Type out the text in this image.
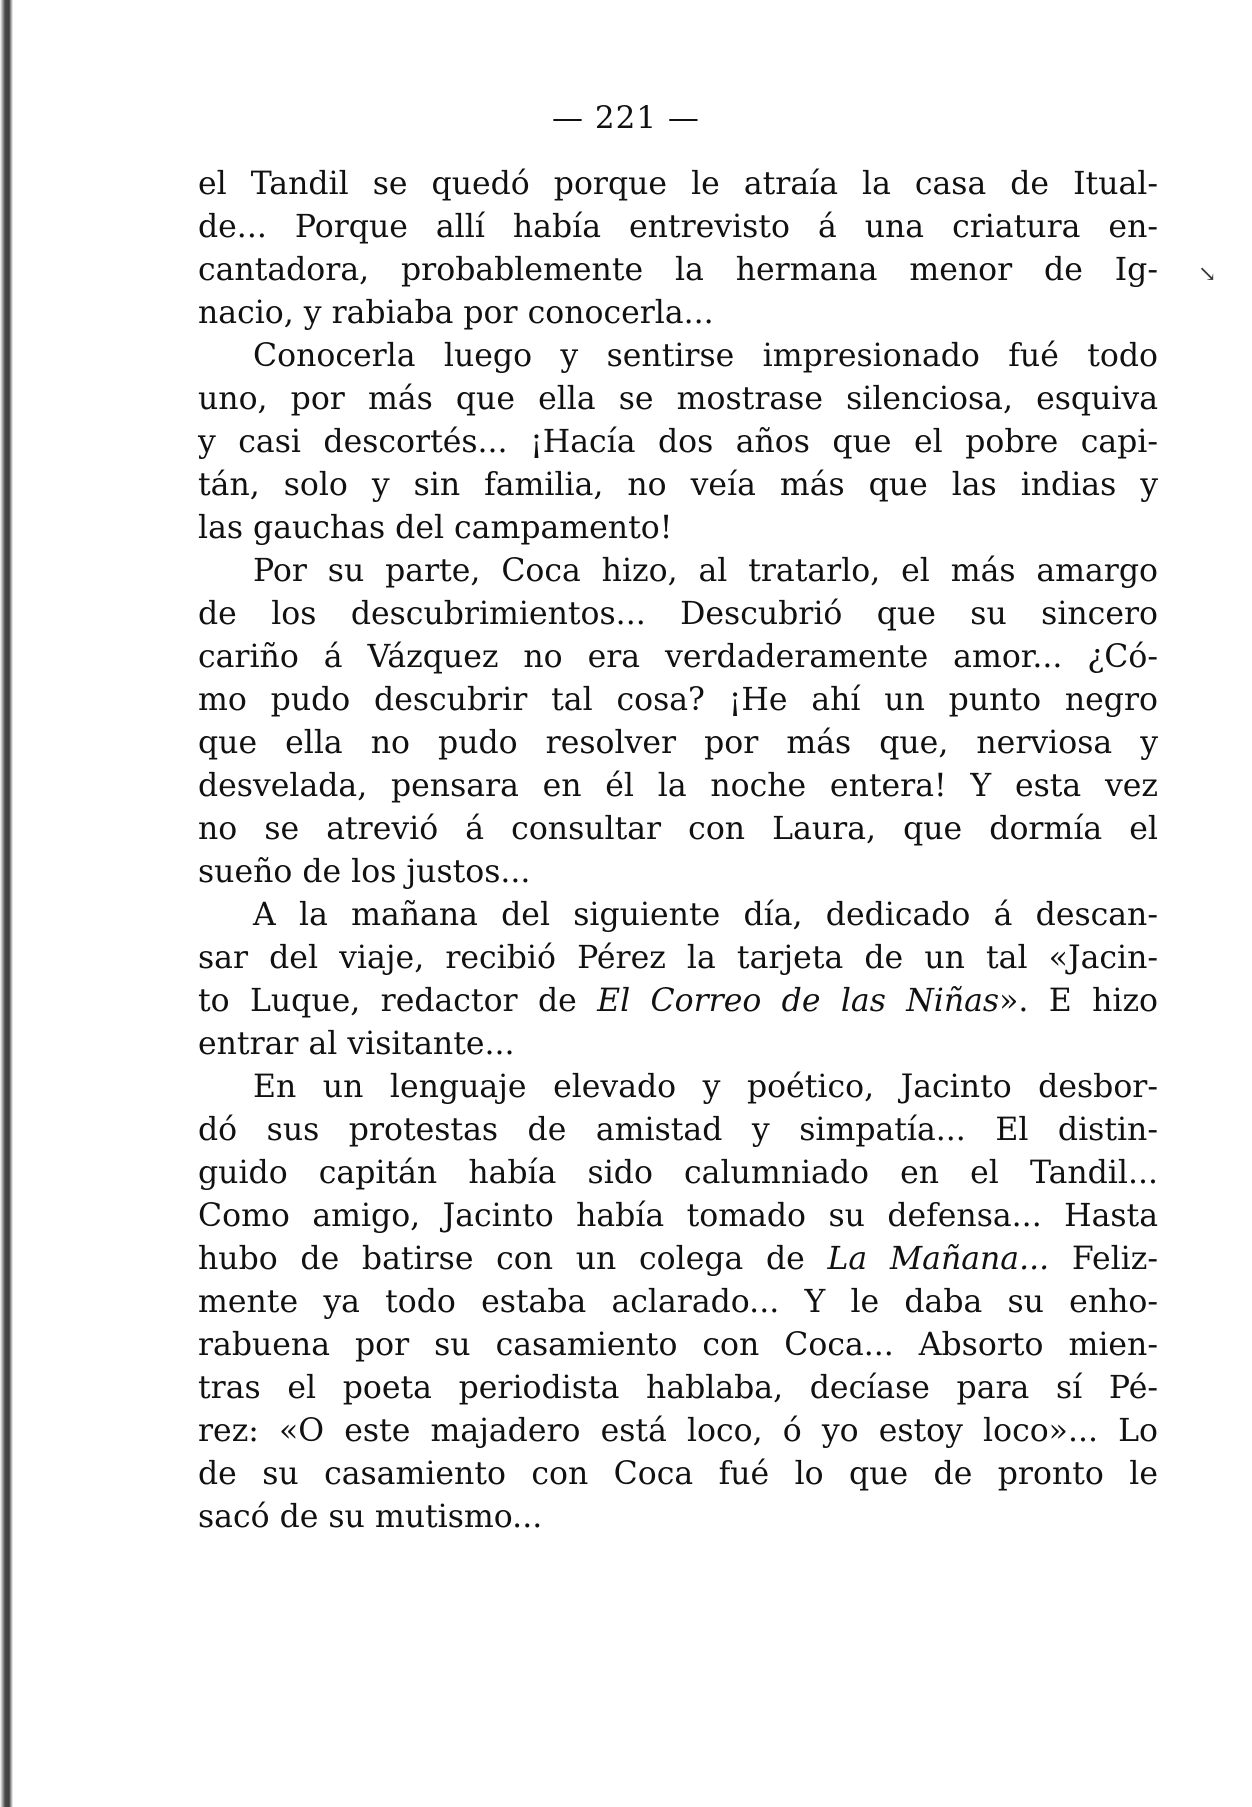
— 221 —
↘
el Tandil se quedó porque le atraía la casa de Itual-
de... Porque allí había entrevisto á una criatura en-
cantadora, probablemente la hermana menor de Ig-
nacio, y rabiaba por conocerla...
Conocerla luego y sentirse impresionado fué todo
uno, por más que ella se mostrase silenciosa, esquiva
y casi descortés... ¡Hacía dos años que el pobre capi-
tán, solo y sin familia, no veía más que las indias y
las gauchas del campamento!
Por su parte, Coca hizo, al tratarlo, el más amargo
de los descubrimientos... Descubrió que su sincero
cariño á Vázquez no era verdaderamente amor... ¿Có-
mo pudo descubrir tal cosa? ¡He ahí un punto negro
que ella no pudo resolver por más que, nerviosa y
desvelada, pensara en él la noche entera! Y esta vez
no se atrevió á consultar con Laura, que dormía el
sueño de los justos...
A la mañana del siguiente día, dedicado á descan-
sar del viaje, recibió Pérez la tarjeta de un tal «Jacin-
to Luque, redactor de El Correo de las Niñas». E hizo
entrar al visitante...
En un lenguaje elevado y poético, Jacinto desbor-
dó sus protestas de amistad y simpatía... El distin-
guido capitán había sido calumniado en el Tandil...
Como amigo, Jacinto había tomado su defensa... Hasta
hubo de batirse con un colega de La Mañana... Feliz-
mente ya todo estaba aclarado... Y le daba su enho-
rabuena por su casamiento con Coca... Absorto mien-
tras el poeta periodista hablaba, decíase para sí Pé-
rez: «O este majadero está loco, ó yo estoy loco»... Lo
de su casamiento con Coca fué lo que de pronto le
sacó de su mutismo...
